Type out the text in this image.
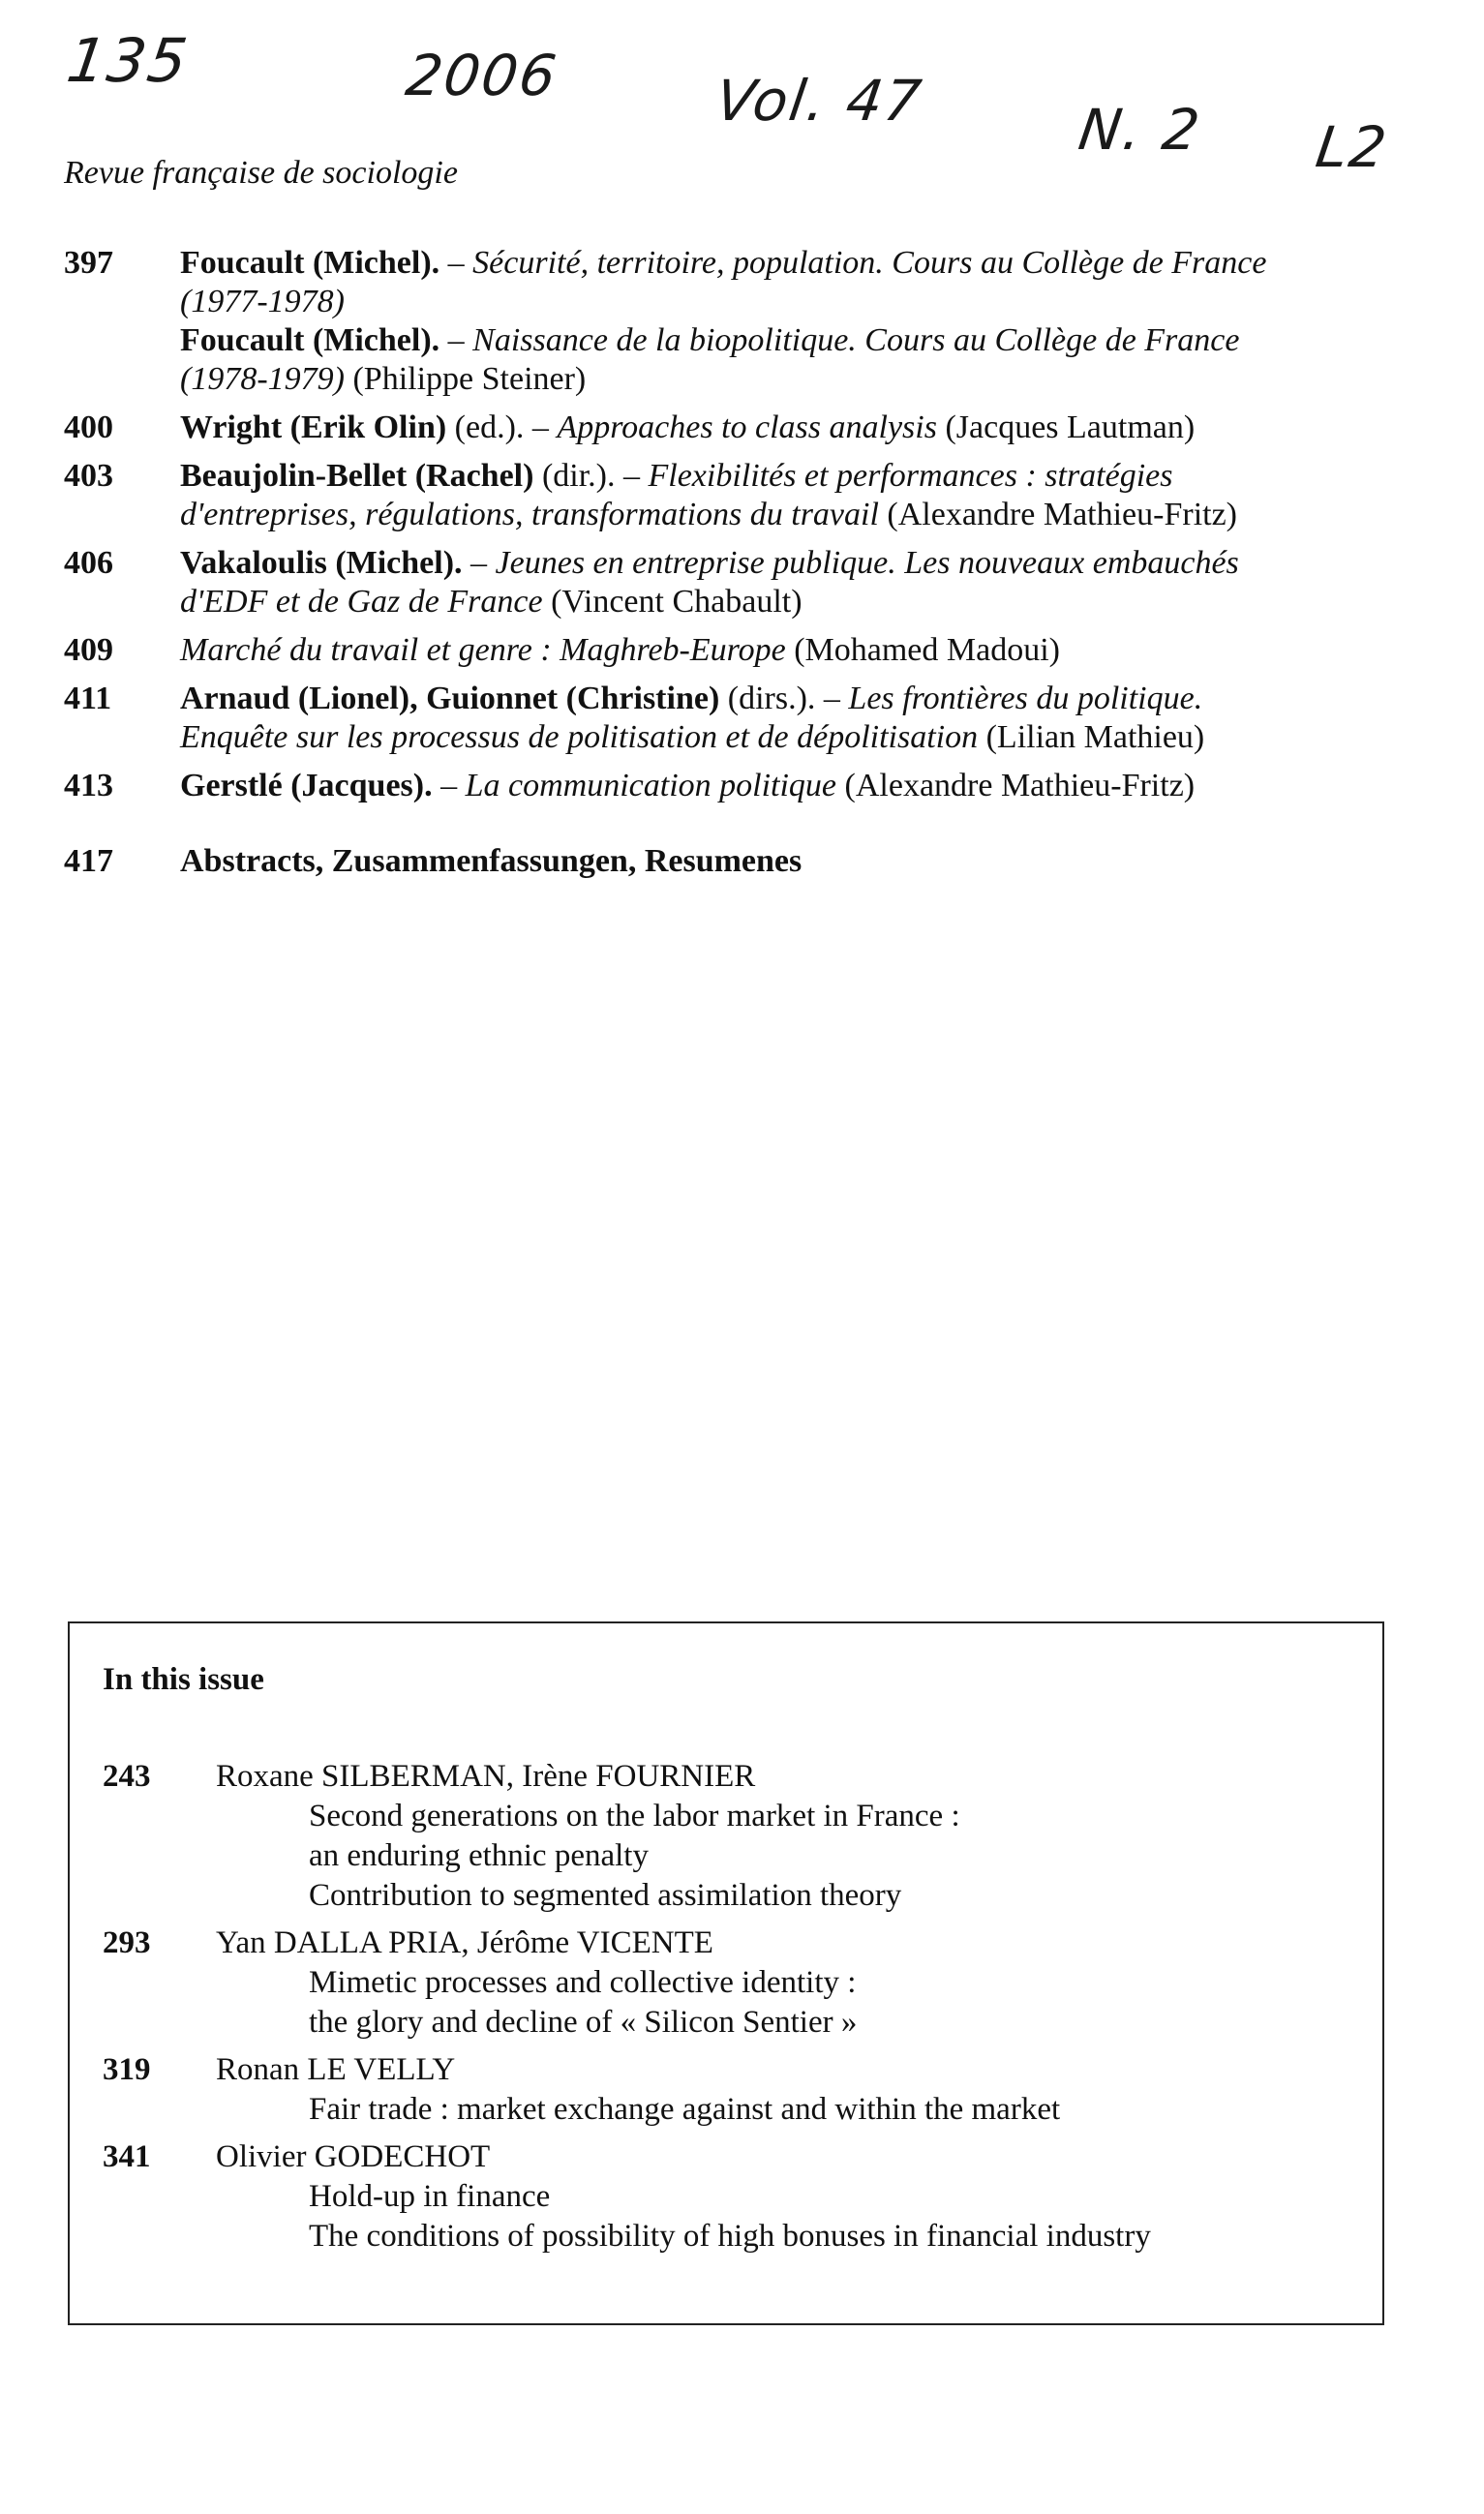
135	2006	Vol. 47	N. 2 L2
Revue française de sociologie
397	Foucault (Michel). – Sécurité, territoire, population. Cours au Collège de France
(1977-1978)
Foucault (Michel). – Naissance de la biopolitique. Cours au Collège de France
(1978-1979) (Philippe Steiner)
400	Wright (Erik Olin) (ed.). – Approaches to class analysis (Jacques Lautman)
403	Beaujolin-Bellet (Rachel) (dir.). – Flexibilités et performances : stratégies
d'entreprises, régulations, transformations du travail (Alexandre Mathieu-Fritz)
406	Vakaloulis (Michel). – Jeunes en entreprise publique. Les nouveaux embauchés
d'EDF et de Gaz de France (Vincent Chabault)
409	Marché du travail et genre : Maghreb-Europe (Mohamed Madoui)
411	Arnaud (Lionel), Guionnet (Christine) (dirs.). – Les frontières du politique.
Enquête sur les processus de politisation et de dépolitisation (Lilian Mathieu)
413	Gerstlé (Jacques). – La communication politique (Alexandre Mathieu-Fritz)
417	Abstracts, Zusammenfassungen, Resumenes
In this issue
243	Roxane SILBERMAN, Irène FOURNIER
Second generations on the labor market in France :
an enduring ethnic penalty
Contribution to segmented assimilation theory
293	Yan DALLA PRIA, Jérôme VICENTE
Mimetic processes and collective identity :
the glory and decline of « Silicon Sentier »
319	Ronan LE VELLY
Fair trade : market exchange against and within the market
341	Olivier GODECHOT
Hold-up in finance
The conditions of possibility of high bonuses in financial industry
